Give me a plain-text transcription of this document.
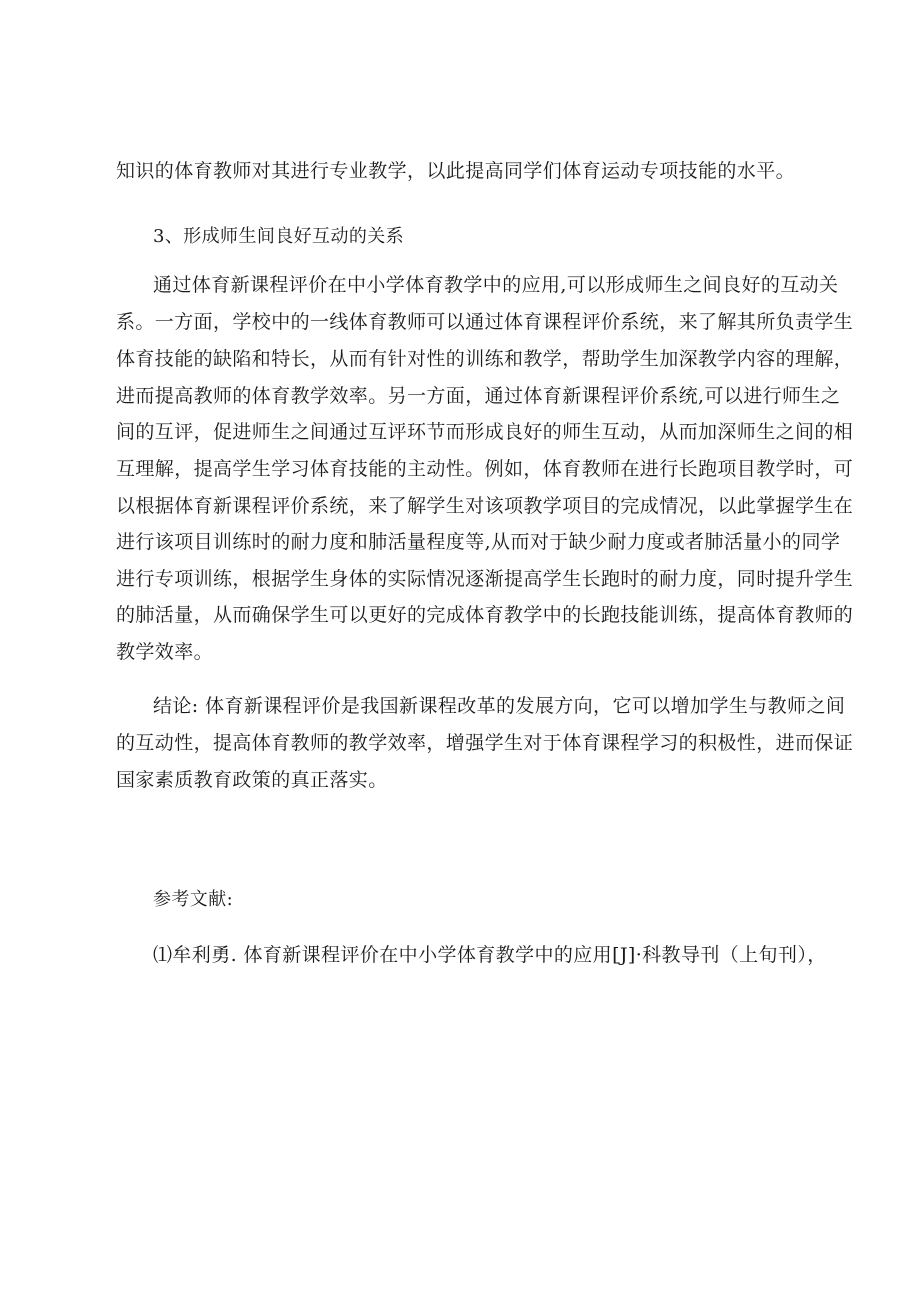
知识的体育教师对其进行专业教学，以此提高同学们体育运动专项技能的水平。
3、形成师生间良好互动的关系
通过体育新课程评价在中小学体育教学中的应用,可以形成师生之间良好的互动关
系。一方面，学校中的一线体育教师可以通过体育课程评价系统，来了解其所负责学生
体育技能的缺陷和特长，从而有针对性的训练和教学，帮助学生加深教学内容的理解，
进而提高教师的体育教学效率。另一方面，通过体育新课程评价系统,可以进行师生之
间的互评，促进师生之间通过互评环节而形成良好的师生互动，从而加深师生之间的相
互理解，提高学生学习体育技能的主动性。例如，体育教师在进行长跑项目教学时，可
以根据体育新课程评价系统，来了解学生对该项教学项目的完成情况，以此掌握学生在
进行该项目训练时的耐力度和肺活量程度等,从而对于缺少耐力度或者肺活量小的同学
进行专项训练，根据学生身体的实际情况逐渐提高学生长跑时的耐力度，同时提升学生
的肺活量，从而确保学生可以更好的完成体育教学中的长跑技能训练，提高体育教师的
教学效率。
结论: 体育新课程评价是我国新课程改革的发展方向，它可以增加学生与教师之间
的互动性，提高体育教师的教学效率，增强学生对于体育课程学习的积极性，进而保证
国家素质教育政策的真正落实。
参考文献:
⑴牟利勇. 体育新课程评价在中小学体育教学中的应用[J]·科教导刊（上旬刊），
